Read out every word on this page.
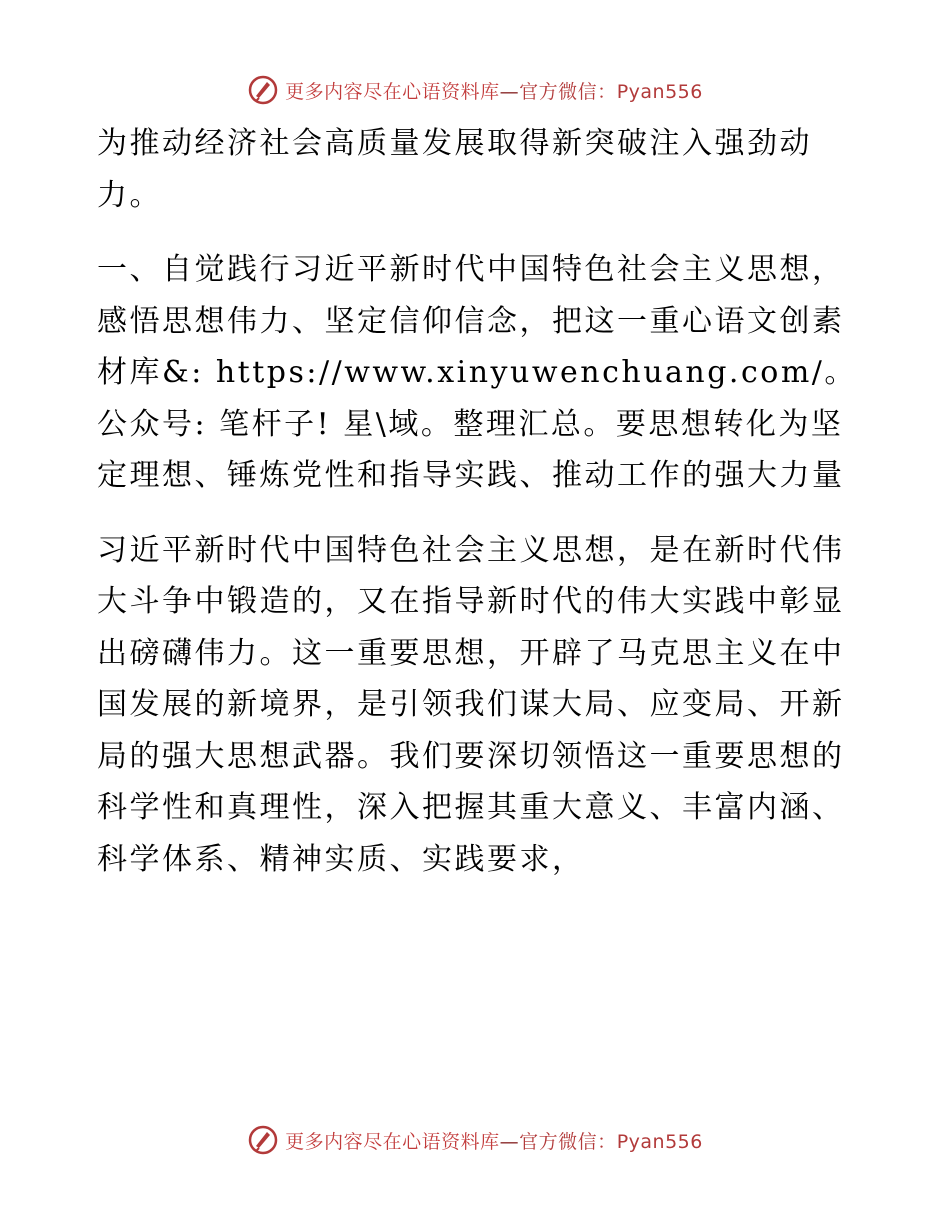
更多内容尽在心语资料库—官方微信：Pyan556

为推动经济社会高质量发展取得新突破注入强劲动力。

一、自觉践行习近平新时代中国特色社会主义思想，感悟思想伟力、坚定信仰信念，把这一重心语文创素材库&: https://www.xinyuwenchuang.com/。公众号: 笔杆子! 星\域。整理汇总。要思想转化为坚定理想、锤炼党性和指导实践、推动工作的强大力量

习近平新时代中国特色社会主义思想，是在新时代伟大斗争中锻造的，又在指导新时代的伟大实践中彰显出磅礴伟力。这一重要思想，开辟了马克思主义在中国发展的新境界，是引领我们谋大局、应变局、开新局的强大思想武器。我们要深切领悟这一重要思想的科学性和真理性，深入把握其重大意义、丰富内涵、科学体系、精神实质、实践要求，

更多内容尽在心语资料库—官方微信：Pyan556
